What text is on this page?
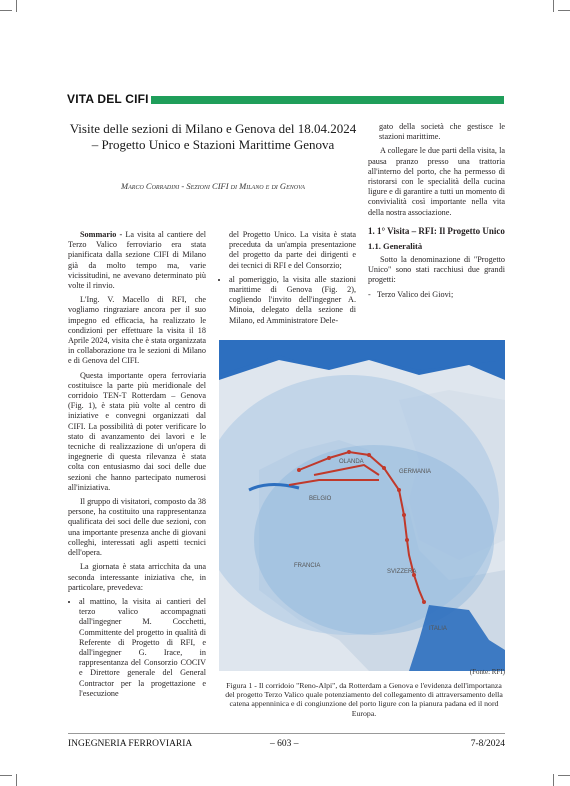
VITA DEL CIFI
Visite delle sezioni di Milano e Genova del 18.04.2024 – Progetto Unico e Stazioni Marittime Genova
Marco Corradini - Sezioni CIFI di Milano e di Genova

Sommario - La visita al cantiere del Terzo Valico ferroviario era stata pianificata dalla sezione CIFI di Milano già da molto tempo ma, varie vicissitudini, ne avevano determinato più volte il rinvio.

L'Ing. V. Macello di RFI, che vogliamo ringraziare ancora per il suo impegno ed efficacia, ha realizzato le condizioni per effettuare la visita il 18 Aprile 2024, visita che è stata organizzata in collaborazione tra le sezioni di Milano e di Genova del CIFI.

Questa importante opera ferroviaria costituisce la parte più meridionale del corridoio TEN-T Rotterdam – Genova (Fig. 1), è stata più volte al centro di iniziative e convegni organizzati dal CIFI. La possibilità di poter verificare lo stato di avanzamento dei lavori e le tecniche di realizzazione di un'opera di ingegnerie di questa rilevanza è stata colta con entusiasmo dai soci delle due sezioni che hanno partecipato numerosi all'iniziativa.

Il gruppo di visitatori, composto da 38 persone, ha costituito una rappresentanza qualificata dei soci delle due sezioni, con una importante presenza anche di giovani colleghi, interessati agli aspetti tecnici dell'opera.

La giornata è stata arricchita da una seconda interessante iniziativa che, in particolare, prevedeva:

• al mattino, la visita ai cantieri del terzo valico accompagnati dall'ingegner M. Cocchetti, Committente del progetto in qualità di Referente di Progetto di RFI, e dall'ingegner G. Irace, in rappresentanza del Consorzio COCIV e Direttore generale del General Contractor per la progettazione e l'esecuzione

del Progetto Unico. La visita è stata preceduta da un'ampia presentazione del progetto da parte dei dirigenti e dei tecnici di RFI e del Consorzio;

• al pomeriggio, la visita alle stazioni marittime di Genova (Fig. 2), cogliendo l'invito dell'ingegner A. Minoia, delegato della sezione di Milano, ed Amministratore Dele-

gato della società che gestisce le stazioni marittime.

A collegare le due parti della visita, la pausa pranzo presso una trattoria all'interno del porto, che ha permesso di ristorarsi con le specialità della cucina ligure e di garantire a tutti un momento di convivialità così importante nella vita della nostra associazione.

1. 1° Visita – RFI: Il Progetto Unico
1.1. Generalità

Sotto la denominazione di "Progetto Unico" sono stati racchiusi due grandi progetti:

-   Terzo Valico dei Giovi;

OLANDA
BELGIO
GERMANIA
FRANCIA
SVIZZERA
ITALIA
(Fonte: RFI)
Figura 1 - Il corridoio "Reno-Alpi", da Rotterdam a Genova e l'evidenza dell'importanza del progetto Terzo Valico quale potenziamento del collegamento di attraversamento della catena appenninica e di congiunzione del porto ligure con la pianura padana ed il nord Europa.
INGEGNERIA FERROVIARIA	– 603 –	7-8/2024
